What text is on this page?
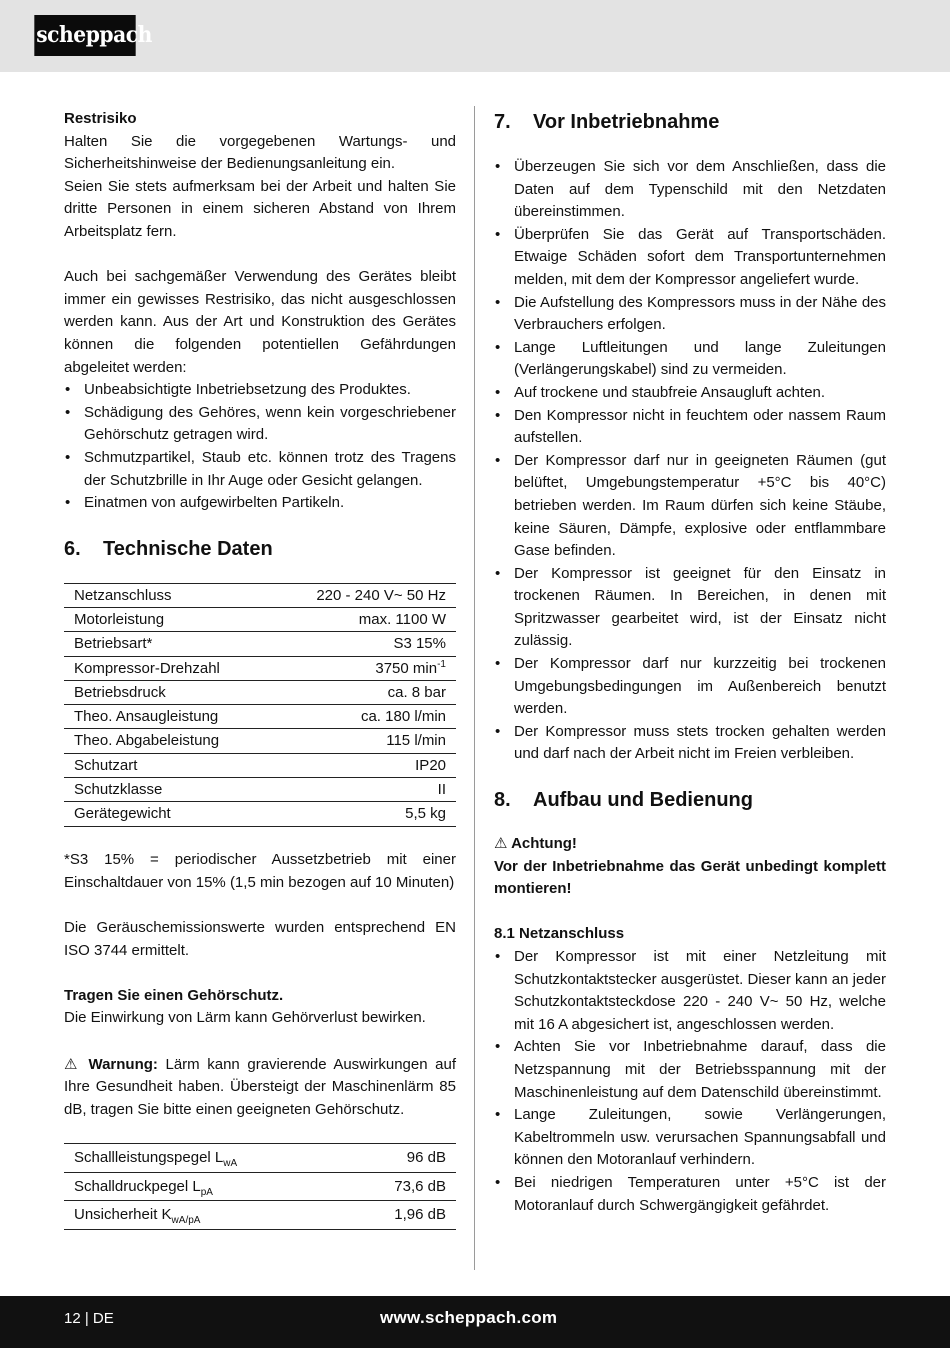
scheppach

Restrisiko

Halten Sie die vorgegebenen Wartungs- und Sicherheitshinweise der Bedienungsanleitung ein.

Seien Sie stets aufmerksam bei der Arbeit und halten Sie dritte Personen in einem sicheren Abstand von Ihrem Arbeitsplatz fern.

Auch bei sachgemäßer Verwendung des Gerätes bleibt immer ein gewisses Restrisiko, das nicht ausgeschlossen werden kann. Aus der Art und Konstruktion des Gerätes können die folgenden potentiellen Gefährdungen abgeleitet werden:

• Unbeabsichtigte Inbetriebsetzung des Produktes.
• Schädigung des Gehöres, wenn kein vorgeschriebener Gehörschutz getragen wird.
• Schmutzpartikel, Staub etc. können trotz des Tragens der Schutzbrille in Ihr Auge oder Gesicht gelangen.
• Einatmen von aufgewirbelten Partikeln.
6.	Technische Daten
Netzanschluss	220 - 240 V~ 50 Hz
Motorleistung	max. 1100 W
Betriebsart*	S3 15%
Kompressor-Drehzahl	3750 $\min^{-1}$
Betriebsdruck	ca. 8 bar
Theo. Ansaugleistung	ca. 180 l/min
Theo. Abgabeleistung	115 l/min
Schutzart	IP20
Schutzklasse	II
Gerätegewicht	5,5 kg

*S3 15% = periodischer Aussetzbetrieb mit einer Einschaltdauer von 15% (1,5 min bezogen auf 10 Minuten)

Die Geräuschemissionswerte wurden entsprechend EN ISO 3744 ermittelt.

Tragen Sie einen Gehörschutz.

Die Einwirkung von Lärm kann Gehörverlust bewirken.

⚠ Warnung: Lärm kann gravierende Auswirkungen auf Ihre Gesundheit haben. Übersteigt der Maschinenlärm 85 dB, tragen Sie bitte einen geeigneten Gehörschutz.

Schallleistungspegel $L_{wA}$	96 dB
Schalldruckpegel $L_{pA}$	73,6 dB
Unsicherheit $K_{wA/pA}$	1,96 dB
7.	Vor Inbetriebnahme
• Überzeugen Sie sich vor dem Anschließen, dass die Daten auf dem Typenschild mit den Netzdaten übereinstimmen.
• Überprüfen Sie das Gerät auf Transportschäden. Etwaige Schäden sofort dem Transportunternehmen melden, mit dem der Kompressor angeliefert wurde.
• Die Aufstellung des Kompressors muss in der Nähe des Verbrauchers erfolgen.
• Lange Luftleitungen und lange Zuleitungen (Verlängerungskabel) sind zu vermeiden.
• Auf trockene und staubfreie Ansaugluft achten.
• Den Kompressor nicht in feuchtem oder nassem Raum aufstellen.
• Der Kompressor darf nur in geeigneten Räumen (gut belüftet, Umgebungstemperatur +5°C bis 40°C) betrieben werden. Im Raum dürfen sich keine Stäube, keine Säuren, Dämpfe, explosive oder entflammbare Gase befinden.
• Der Kompressor ist geeignet für den Einsatz in trockenen Räumen. In Bereichen, in denen mit Spritzwasser gearbeitet wird, ist der Einsatz nicht zulässig.
• Der Kompressor darf nur kurzzeitig bei trockenen Umgebungsbedingungen im Außenbereich benutzt werden.
• Der Kompressor muss stets trocken gehalten werden und darf nach der Arbeit nicht im Freien verbleiben.
8.	Aufbau und Bedienung

⚠ Achtung!

Vor der Inbetriebnahme das Gerät unbedingt komplett montieren!

8.1 Netzanschluss

• Der Kompressor ist mit einer Netzleitung mit Schutzkontaktstecker ausgerüstet. Dieser kann an jeder Schutzkontaktsteckdose 220 - 240 V~ 50 Hz, welche mit 16 A abgesichert ist, angeschlossen werden.
• Achten Sie vor Inbetriebnahme darauf, dass die Netzspannung mit der Betriebsspannung mit der Maschinenleistung auf dem Datenschild übereinstimmt.
• Lange Zuleitungen, sowie Verlängerungen, Kabeltrommeln usw. verursachen Spannungsabfall und können den Motoranlauf verhindern.
• Bei niedrigen Temperaturen unter +5°C ist der Motoranlauf durch Schwergängigkeit gefährdet.
12 | DE	www.scheppach.com
